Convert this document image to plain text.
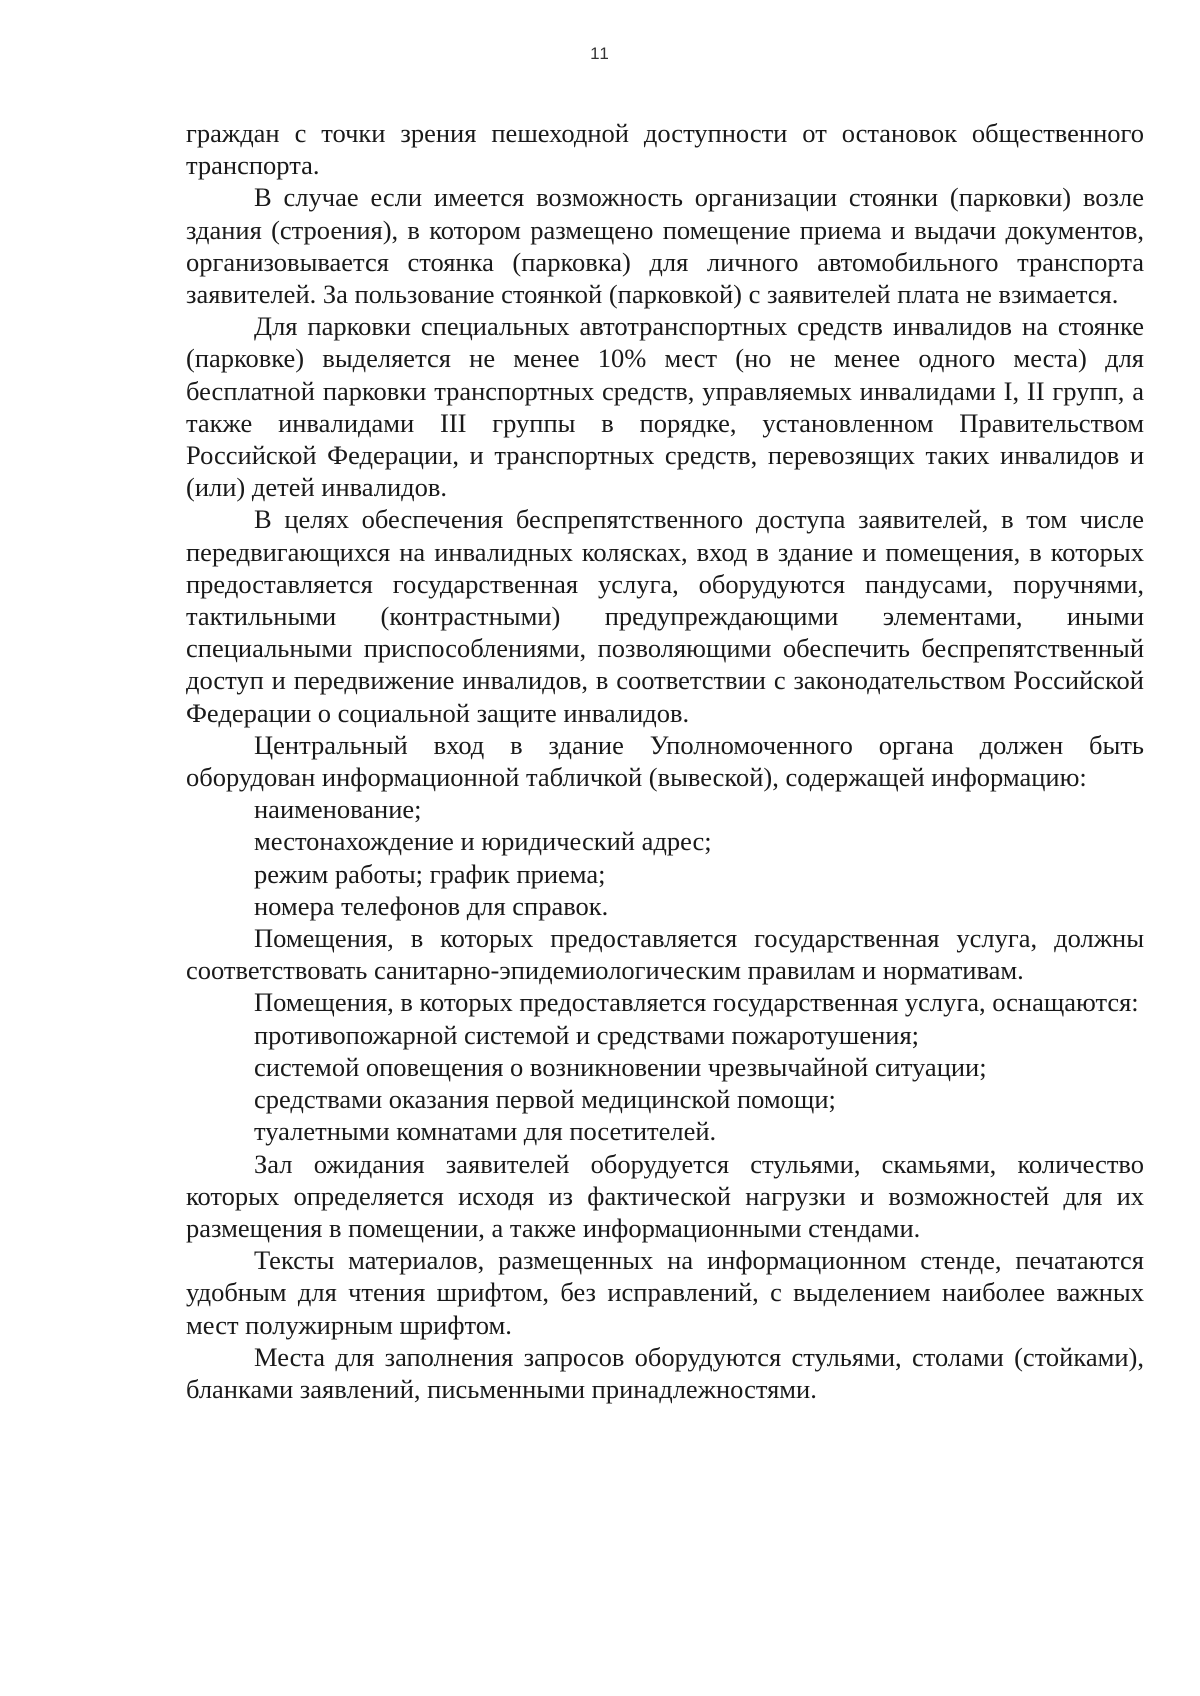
11

граждан с точки зрения пешеходной доступности от остановок общественного транспорта.

В случае если имеется возможность организации стоянки (парковки) возле здания (строения), в котором размещено помещение приема и выдачи документов, организовывается стоянка (парковка) для личного автомобильного транспорта заявителей. За пользование стоянкой (парковкой) с заявителей плата не взимается.

Для парковки специальных автотранспортных средств инвалидов на стоянке (парковке) выделяется не менее 10% мест (но не менее одного места) для бесплатной парковки транспортных средств, управляемых инвалидами I, II групп, а также инвалидами III группы в порядке, установленном Правительством Российской Федерации, и транспортных средств, перевозящих таких инвалидов и (или) детей инвалидов.

В целях обеспечения беспрепятственного доступа заявителей, в том числе передвигающихся на инвалидных колясках, вход в здание и помещения, в которых предоставляется государственная услуга, оборудуются пандусами, поручнями, тактильными (контрастными) предупреждающими элементами, иными специальными приспособлениями, позволяющими обеспечить беспрепятственный доступ и передвижение инвалидов, в соответствии с законодательством Российской Федерации о социальной защите инвалидов.

Центральный вход в здание Уполномоченного органа должен быть оборудован информационной табличкой (вывеской), содержащей информацию:

наименование;

местонахождение и юридический адрес;

режим работы; график приема;

номера телефонов для справок.

Помещения, в которых предоставляется государственная услуга, должны соответствовать санитарно-эпидемиологическим правилам и нормативам.

Помещения, в которых предоставляется государственная услуга, оснащаются:

противопожарной системой и средствами пожаротушения;

системой оповещения о возникновении чрезвычайной ситуации;

средствами оказания первой медицинской помощи;

туалетными комнатами для посетителей.

Зал ожидания заявителей оборудуется стульями, скамьями, количество которых определяется исходя из фактической нагрузки и возможностей для их размещения в помещении, а также информационными стендами.

Тексты материалов, размещенных на информационном стенде, печатаются удобным для чтения шрифтом, без исправлений, с выделением наиболее важных мест полужирным шрифтом.

Места для заполнения запросов оборудуются стульями, столами (стойками), бланками заявлений, письменными принадлежностями.
